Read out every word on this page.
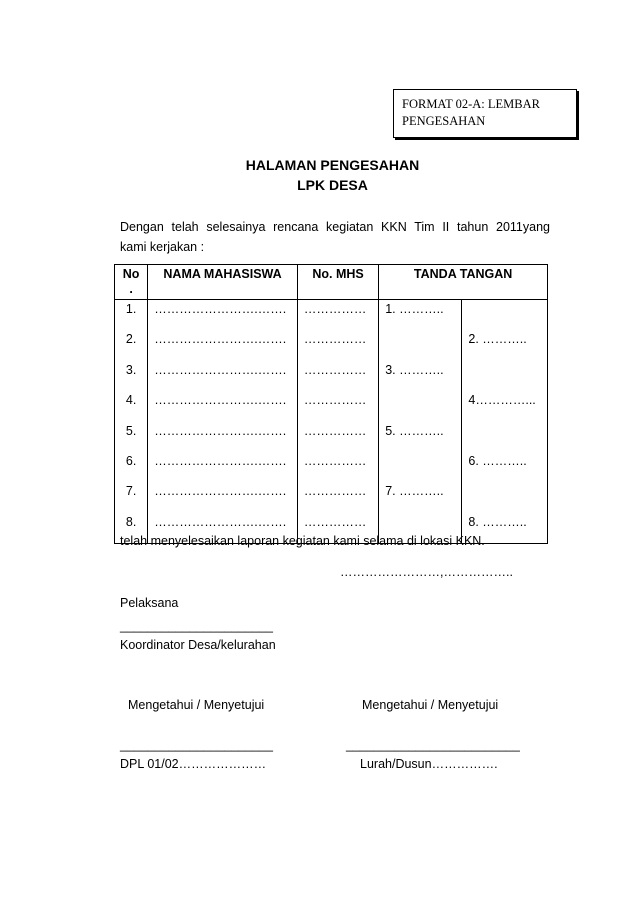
FORMAT 02-A: LEMBAR
PENGESAHAN
HALAMAN PENGESAHAN
LPK DESA
Dengan telah selesainya rencana kegiatan KKN Tim II tahun 2011yang
kami kerjakan :
No .	NAMA MAHASISWA	No. MHS	TANDA TANGAN	
1.	…………………….…….	……………	1. ………..	
2.	…………………….…….	……………		2. ………..
3.	…………………….…….	……………	3. ………..	
4.	…………………….…….	……………		4…………...
5.	…………………….…….	……………	5. ………..	
6.	…………………….…….	……………		6. ………..
7.	…………………….…….	……………	7. ………..	
8.	…………………….…….	……………		8. ………..
telah menyelesaikan laporan kegiatan kami selama di lokasi KKN.
……………………,……………..
Pelaksana
______________________
Koordinator Desa/kelurahan
Mengetahui / Menyetujui	Mengetahui / Menyetujui
______________________	_________________________
DPL 01/02…………………	Lurah/Dusun…………….
